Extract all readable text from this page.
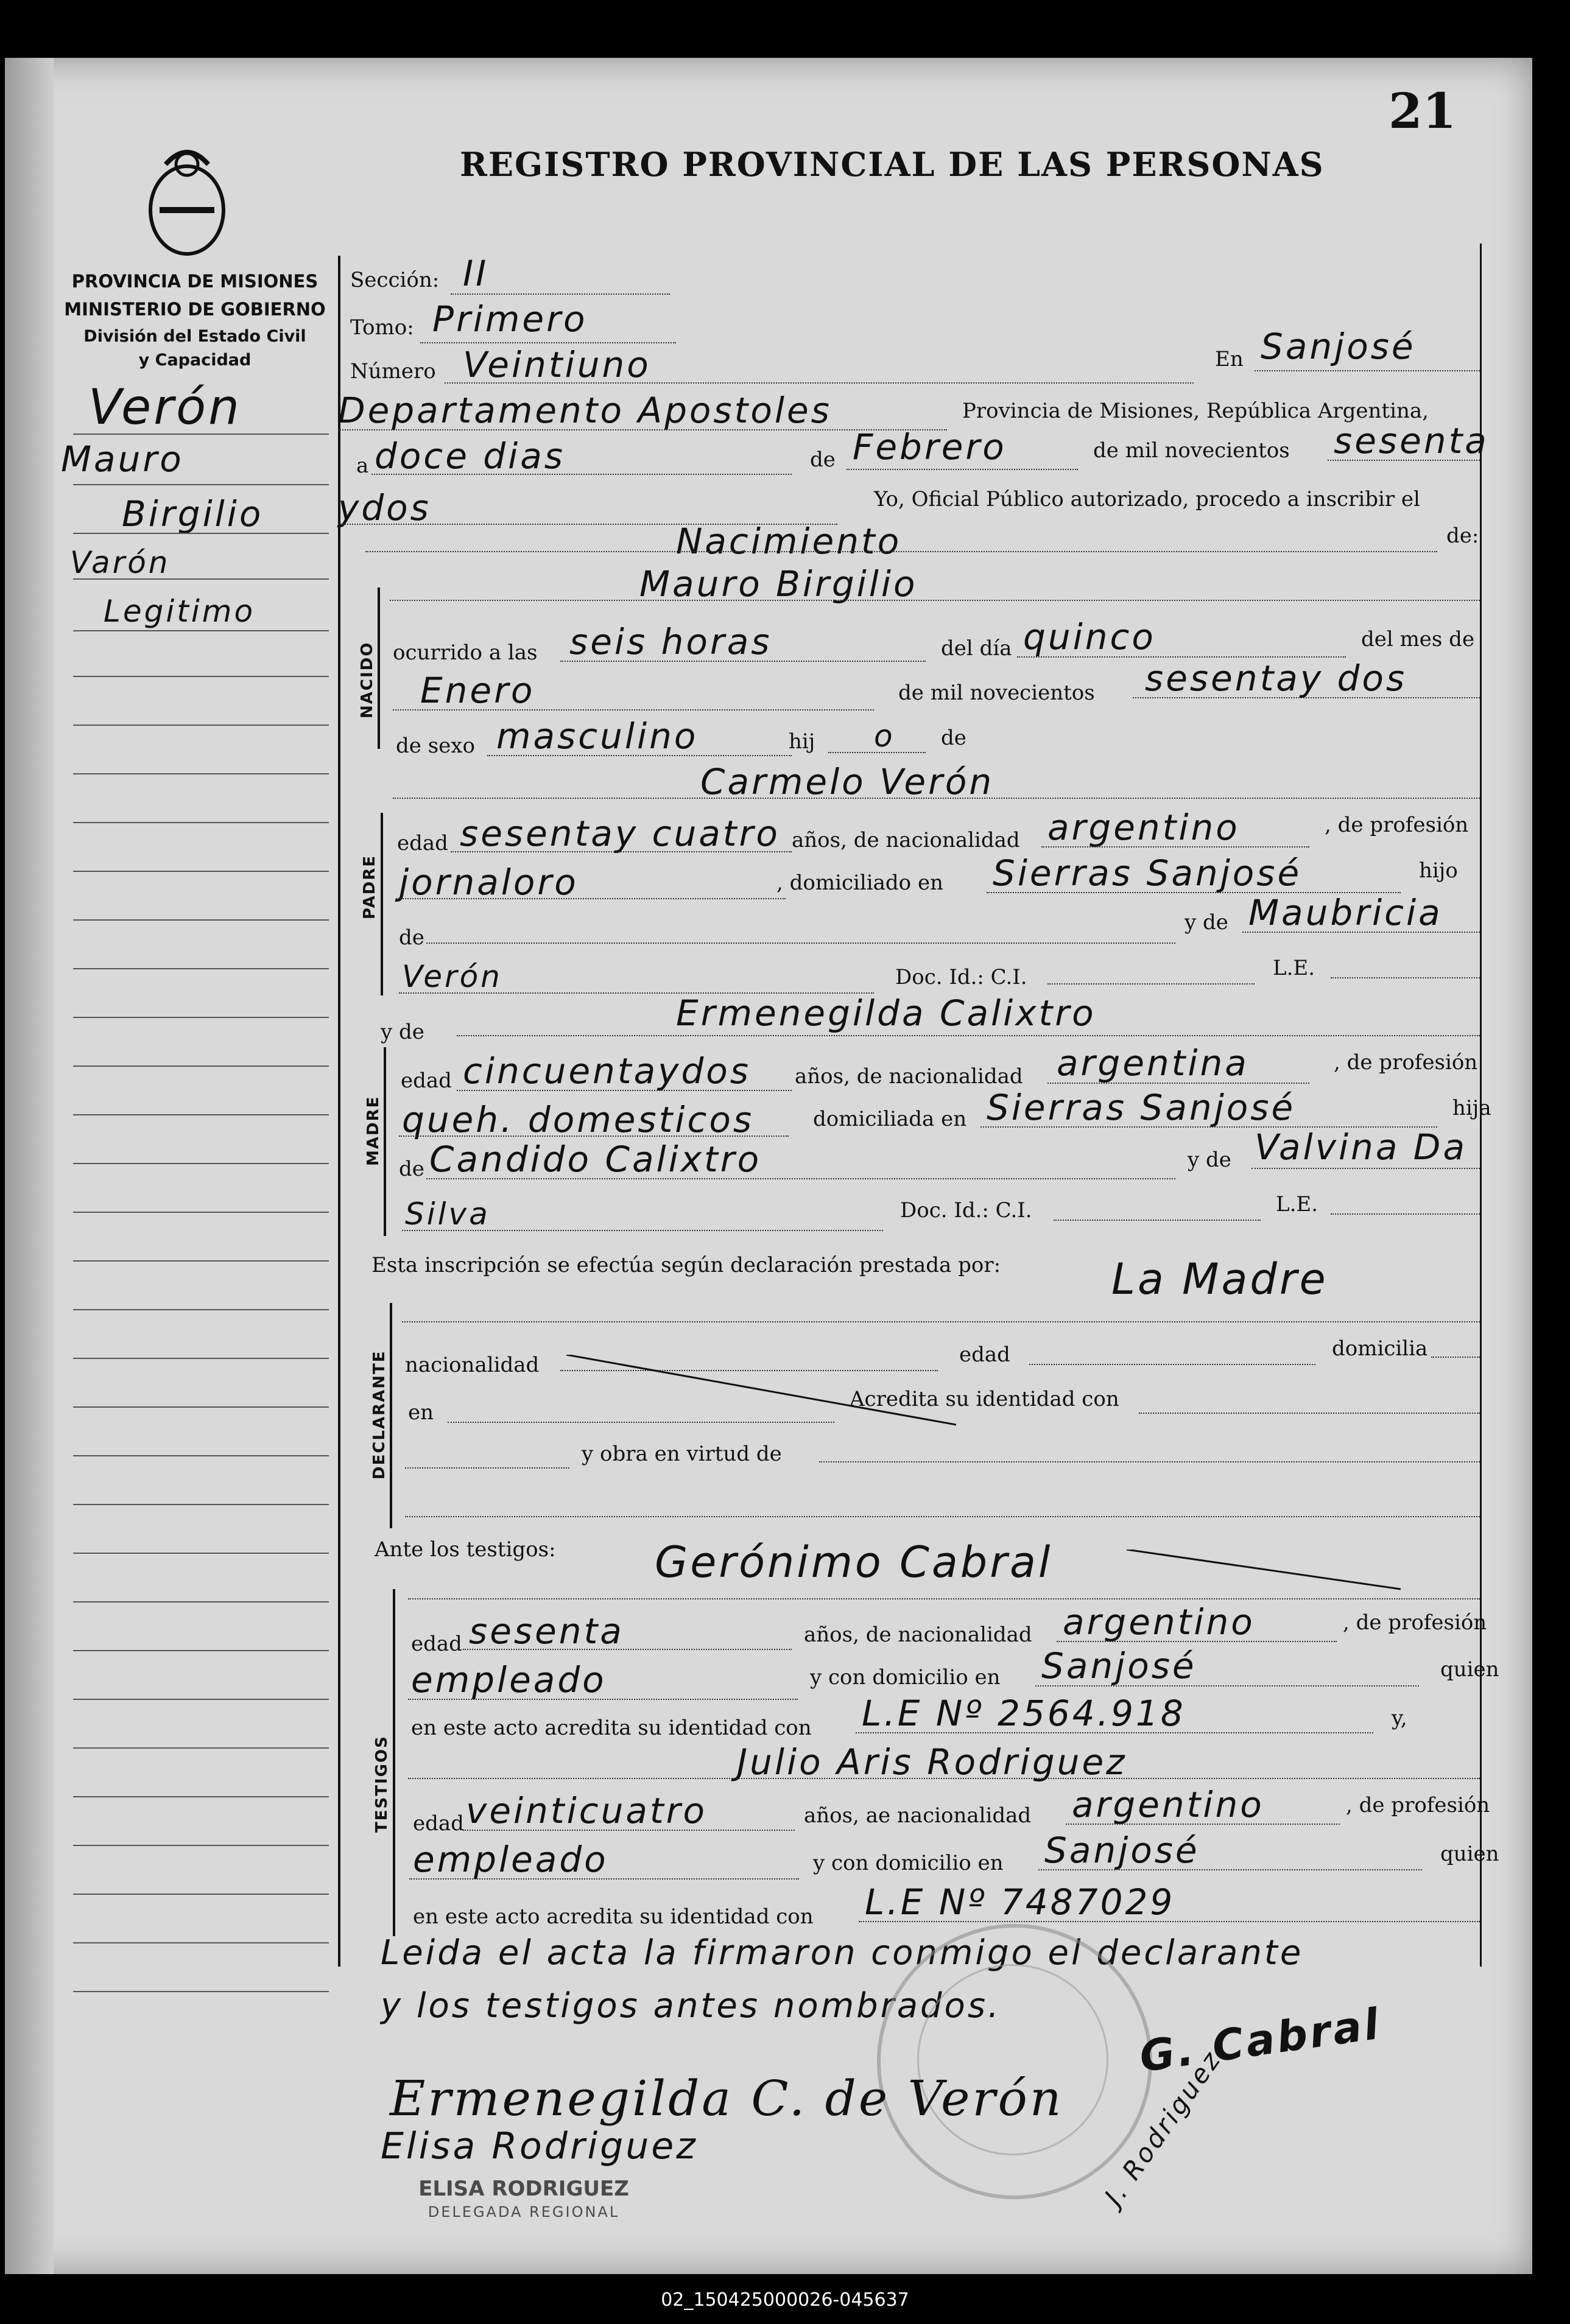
21
REGISTRO PROVINCIAL DE LAS PERSONAS
PROVINCIA DE MISIONES
MINISTERIO DE GOBIERNO
División del Estado Civil
y Capacidad
Verón
Mauro
Birgilio
Varón
Legitimo
Sección: II
Tomo: Primero
Número Veintiuno	En Sanjosé
Departamento Apostoles	Provincia de Misiones, República Argentina,
a doce dias	de Febrero	de mil novecientos sesenta
ydos	Yo, Oficial Público autorizado, procedo a inscribir el
Nacimiento	de:
NACIDO
Mauro Birgilio
ocurrido a las seis horas	del día quinco	del mes de
Enero	de mil novecientos sesentay dos
de sexo masculino	hij o de
Carmelo Verón
PADRE
edad sesentay cuatro años, de nacionalidad argentino	, de profesión
jornaloro	, domiciliado en Sierras Sanjosé	hijo
de
y de Maubricia
Verón	Doc. Id.: C.I.	L.E.
y de	Ermenegilda Calixtro
MADRE
edad cincuentaydos años, de nacionalidad argentina	, de profesión
queh. domesticos	domiciliada en Sierras Sanjosé	hija
de Candido Calixtro	y de Valvina Da
Silva	Doc. Id.: C.I.	L.E.
Esta inscripción se efectúa según declaración prestada por:	La Madre
DECLARANTE nacionalidad	edad	domicilia
en
Acredita su identidad con
y obra en virtud de
Ante los testigos: Gerónimo Cabral
TESTIGOS
edad sesenta	años, de nacionalidad argentino	, de profesión
empleado	y con domicilio en Sanjosé	quien
en este acto acredita su identidad con L.E Nº 2564.918	y,
Julio Aris Rodriguez
edad veinticuatro	años, ae nacionalidad argentino	, de profesión
empleado	y con domicilio en Sanjosé	quien
en este acto acredita su identidad con L.E Nº 7487029
Leida el acta la firmaron conmigo el declarante
y los testigos antes nombrados.	G. Cabral
Ermenegilda C. de Verón
Elisa Rodriguez	J. Rodriguez
ELISA RODRIGUEZ
DELEGADA REGIONAL
02_150425000026-045637
